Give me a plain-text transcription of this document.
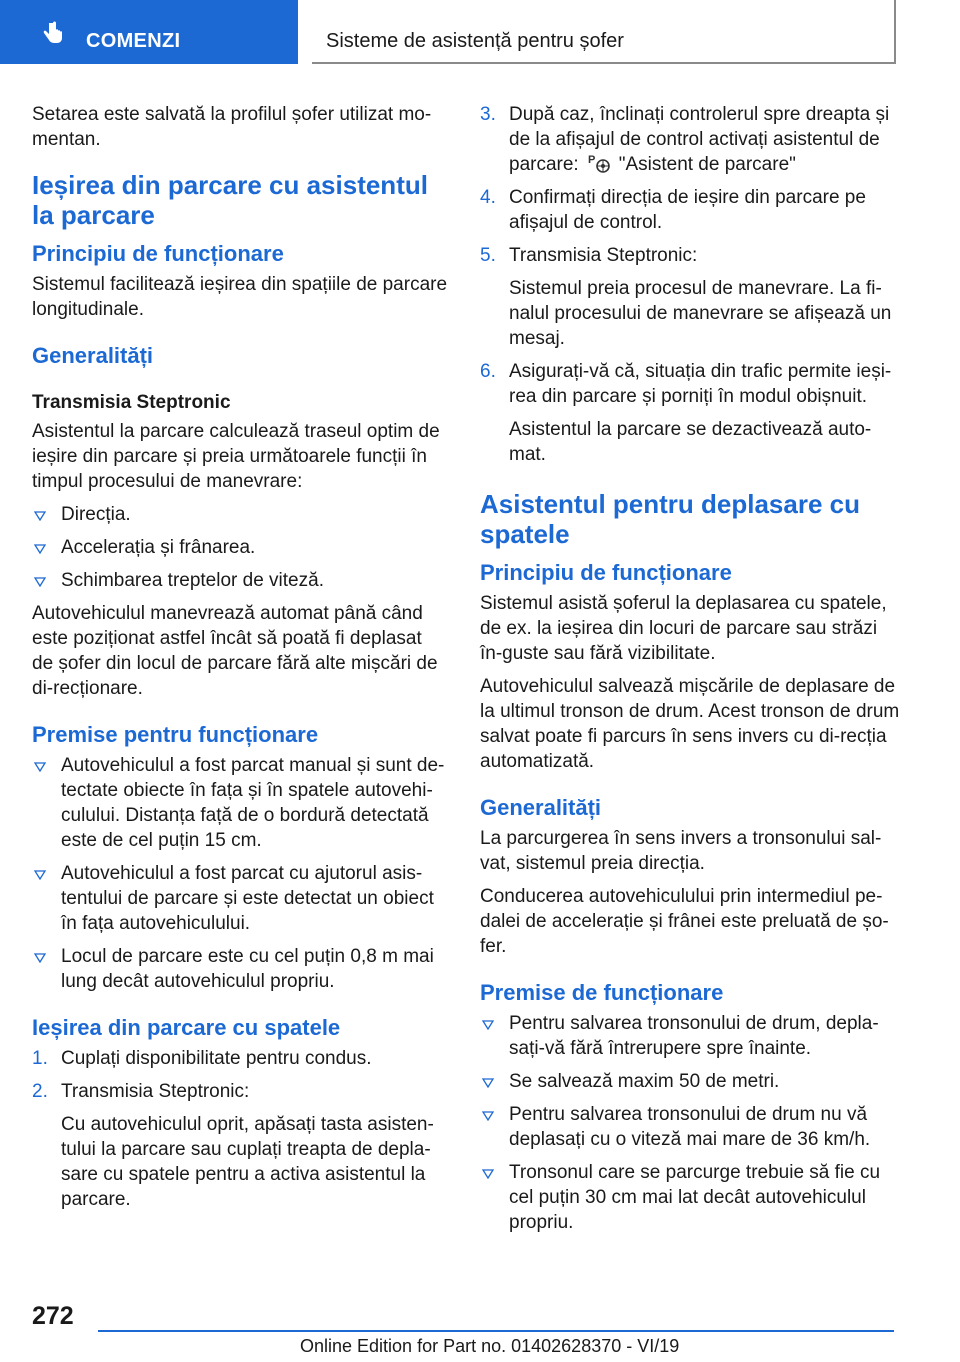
COMENZI	Sisteme de asistență pentru șofer

Setarea este salvată la profilul șofer utilizat mo-mentan.

Ieșirea din parcare cu asistentul la parcare
Principiu de funcționare

Sistemul facilitează ieșirea din spațiile de parcare longitudinale.

Generalități
Transmisia Steptronic

Asistentul la parcare calculează traseul optim de ieșire din parcare și preia următoarele funcții în timpul procesului de manevrare:

Direcția.
Accelerația și frânarea.
Schimbarea treptelor de viteză.

Autovehiculul manevrează automat până când este poziționat astfel încât să poată fi deplasat de șofer din locul de parcare fără alte mișcări de di-recționare.

Premise pentru funcționare
Autovehiculul a fost parcat manual și sunt de-tectate obiecte în fața și în spatele autovehi-culului. Distanța față de o bordură detectată este de cel puțin 15 cm.
Autovehiculul a fost parcat cu ajutorul asis-tentului de parcare și este detectat un obiect în fața autovehiculului.
Locul de parcare este cu cel puțin 0,8 m mai lung decât autovehiculul propriu.
Ieșirea din parcare cu spatele
1. Cuplați disponibilitate pentru condus.
2. Transmisia Steptronic:
Cu autovehiculul oprit, apăsați tasta asisten-tului la parcare sau cuplați treapta de depla-sare cu spatele pentru a activa asistentul la parcare.
3. După caz, înclinați controlerul spre dreapta și de la afișajul de control activați asistentul de parcare: P "Asistent de parcare"
4. Confirmați direcția de ieșire din parcare pe afișajul de control.
5. Transmisia Steptronic:
Sistemul preia procesul de manevrare. La fi-nalul procesului de manevrare se afișează un mesaj.
6. Asigurați-vă că, situația din trafic permite ieși-rea din parcare și porniți în modul obișnuit.
Asistentul la parcare se dezactivează auto-mat.
Asistentul pentru deplasare cu spatele
Principiu de funcționare

Sistemul asistă șoferul la deplasarea cu spatele, de ex. la ieșirea din locuri de parcare sau străzi în-guste sau fără vizibilitate.

Autovehiculul salvează mișcările de deplasare de la ultimul tronson de drum. Acest tronson de drum salvat poate fi parcurs în sens invers cu di-recția automatizată.

Generalități

La parcurgerea în sens invers a tronsonului sal-vat, sistemul preia direcția.

Conducerea autovehiculului prin intermediul pe-dalei de accelerație și frânei este preluată de șo-fer.

Premise de funcționare
Pentru salvarea tronsonului de drum, depla-sați-vă fără întrerupere spre înainte.
Se salvează maxim 50 de metri.
Pentru salvarea tronsonului de drum nu vă deplasați cu o viteză mai mare de 36 km/h.
Tronsonul care se parcurge trebuie să fie cu cel puțin 30 cm mai lat decât autovehiculul propriu.
272
Online Edition for Part no. 01402628370 - VI/19
